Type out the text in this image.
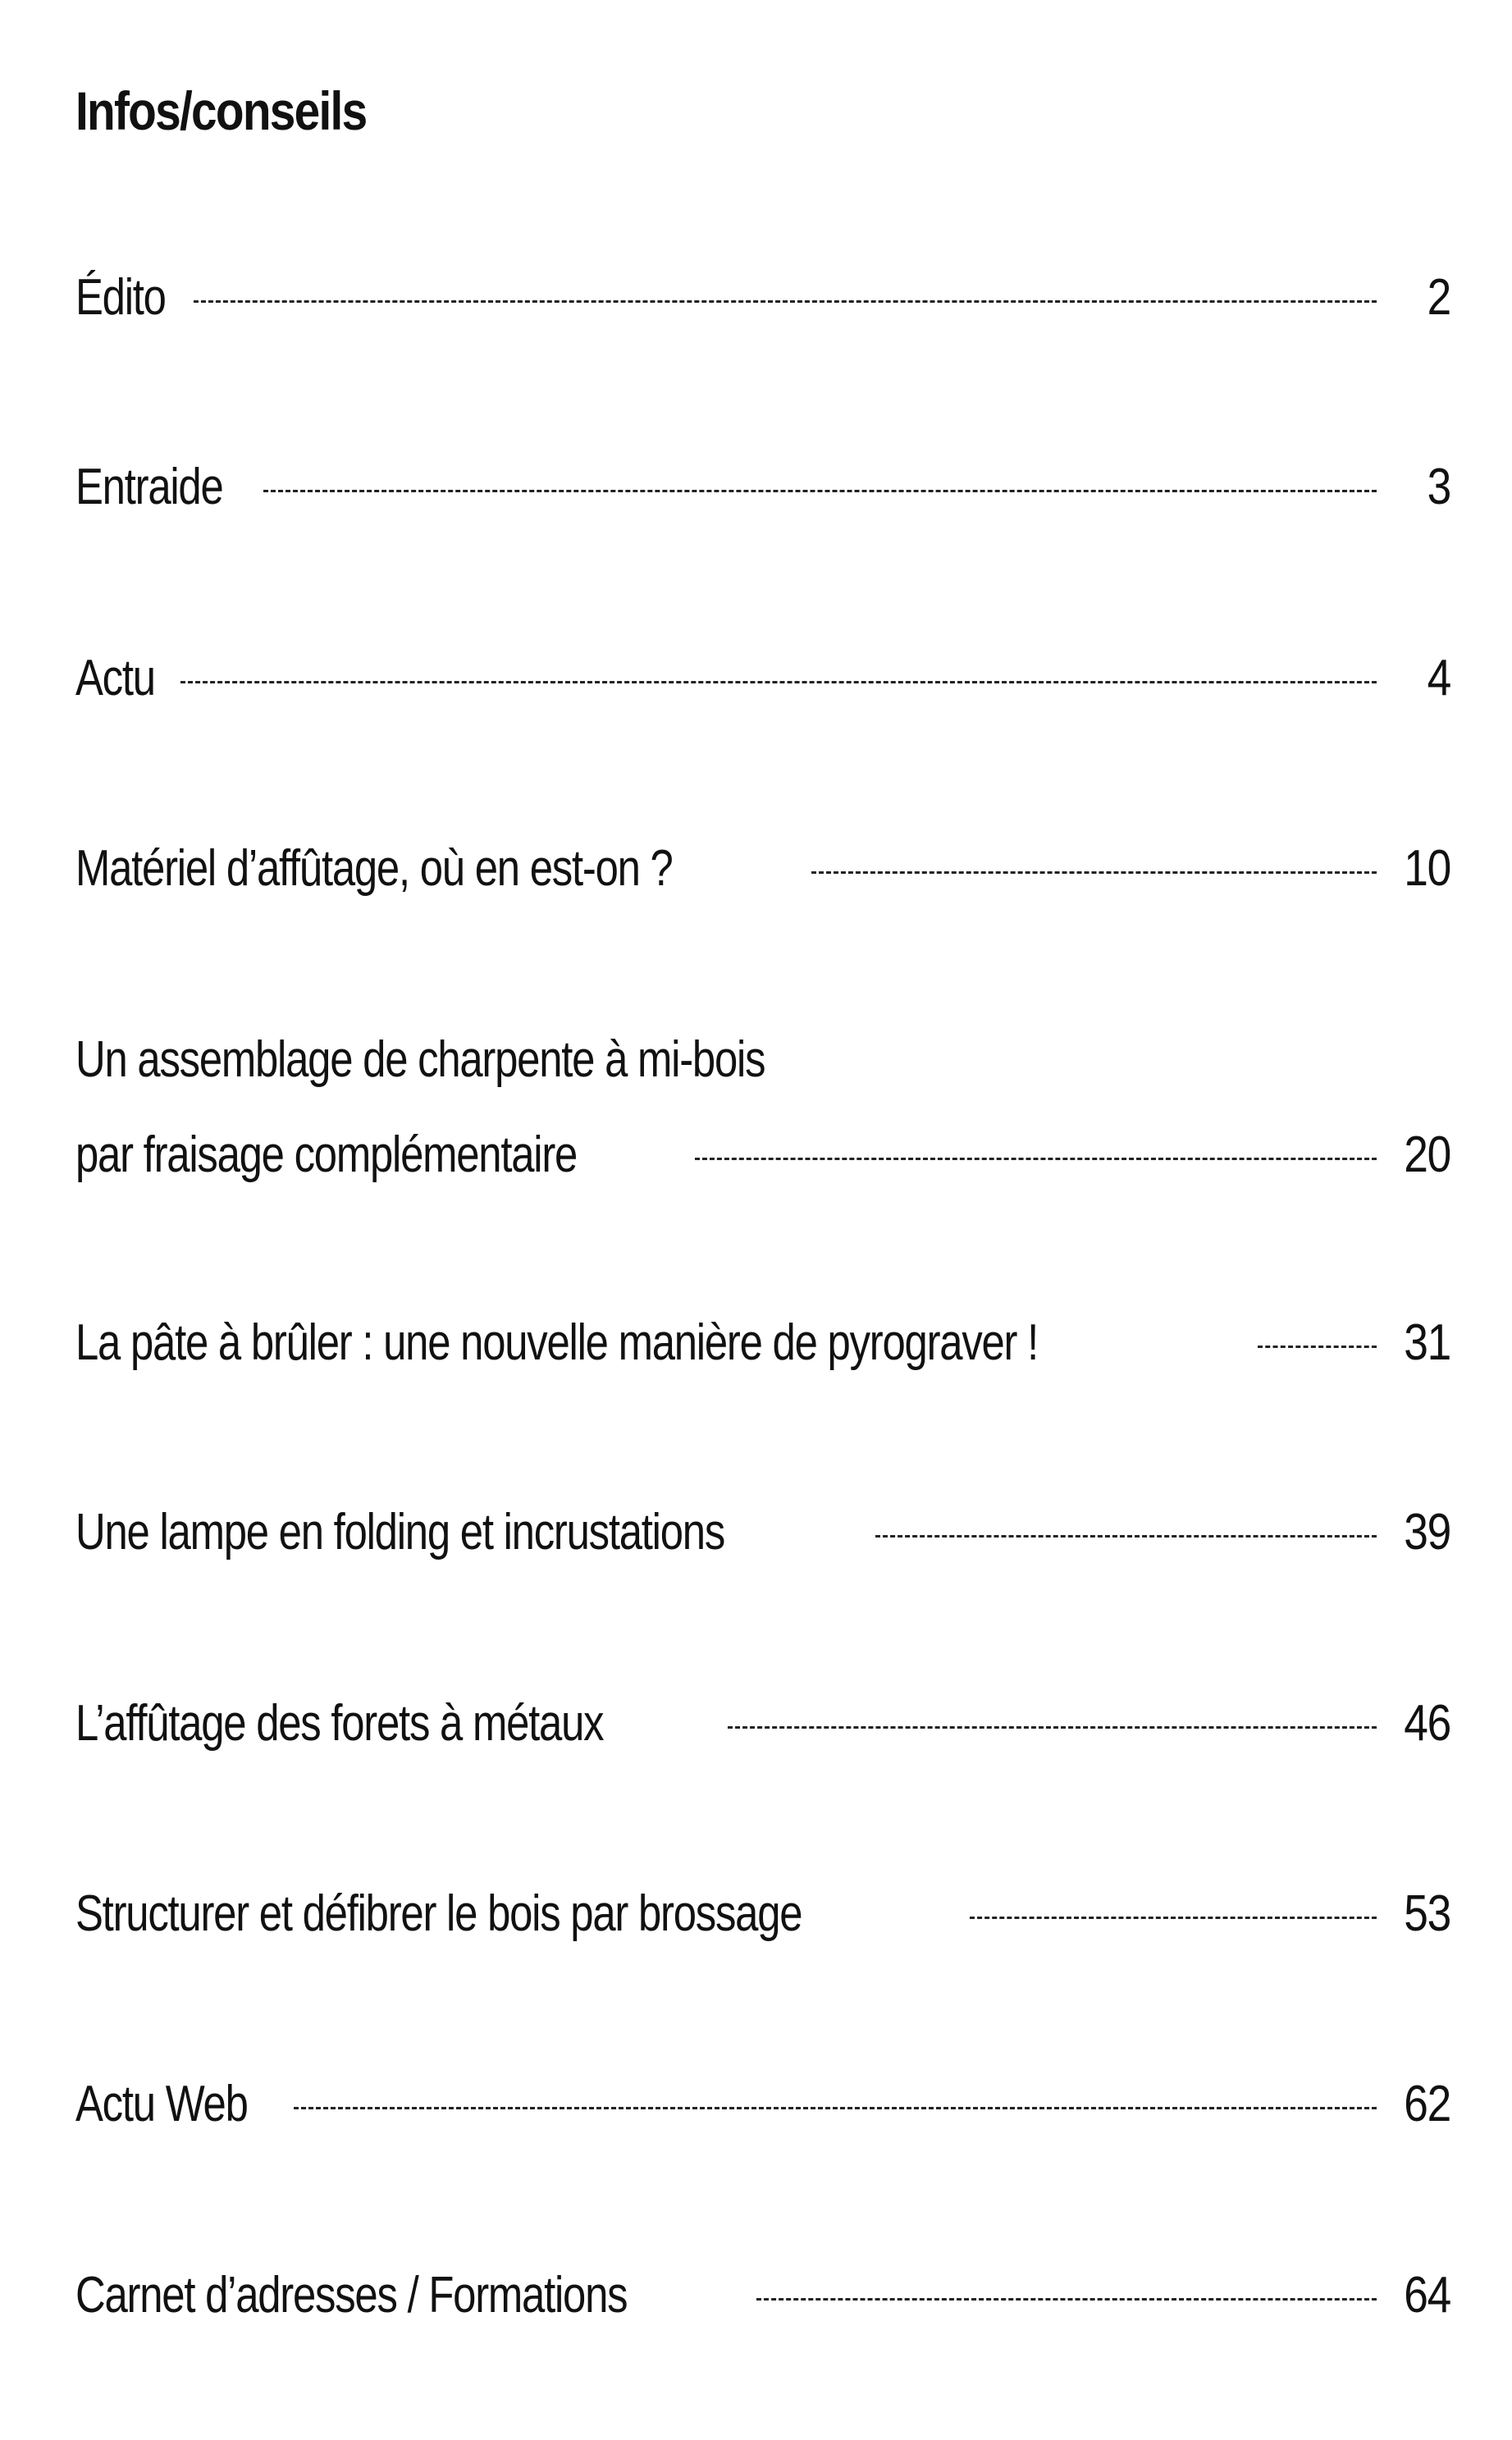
Infos/conseils
Édito	2
Entraide	3
Actu	4
Matériel d’affûtage, où en est-on ?	10
Un assemblage de charpente à mi-bois
par fraisage complémentaire	20
La pâte à brûler : une nouvelle manière de pyrograver !	31
Une lampe en folding et incrustations	39
L’affûtage des forets à métaux	46
Structurer et défibrer le bois par brossage	53
Actu Web	62
Carnet d’adresses / Formations	64
